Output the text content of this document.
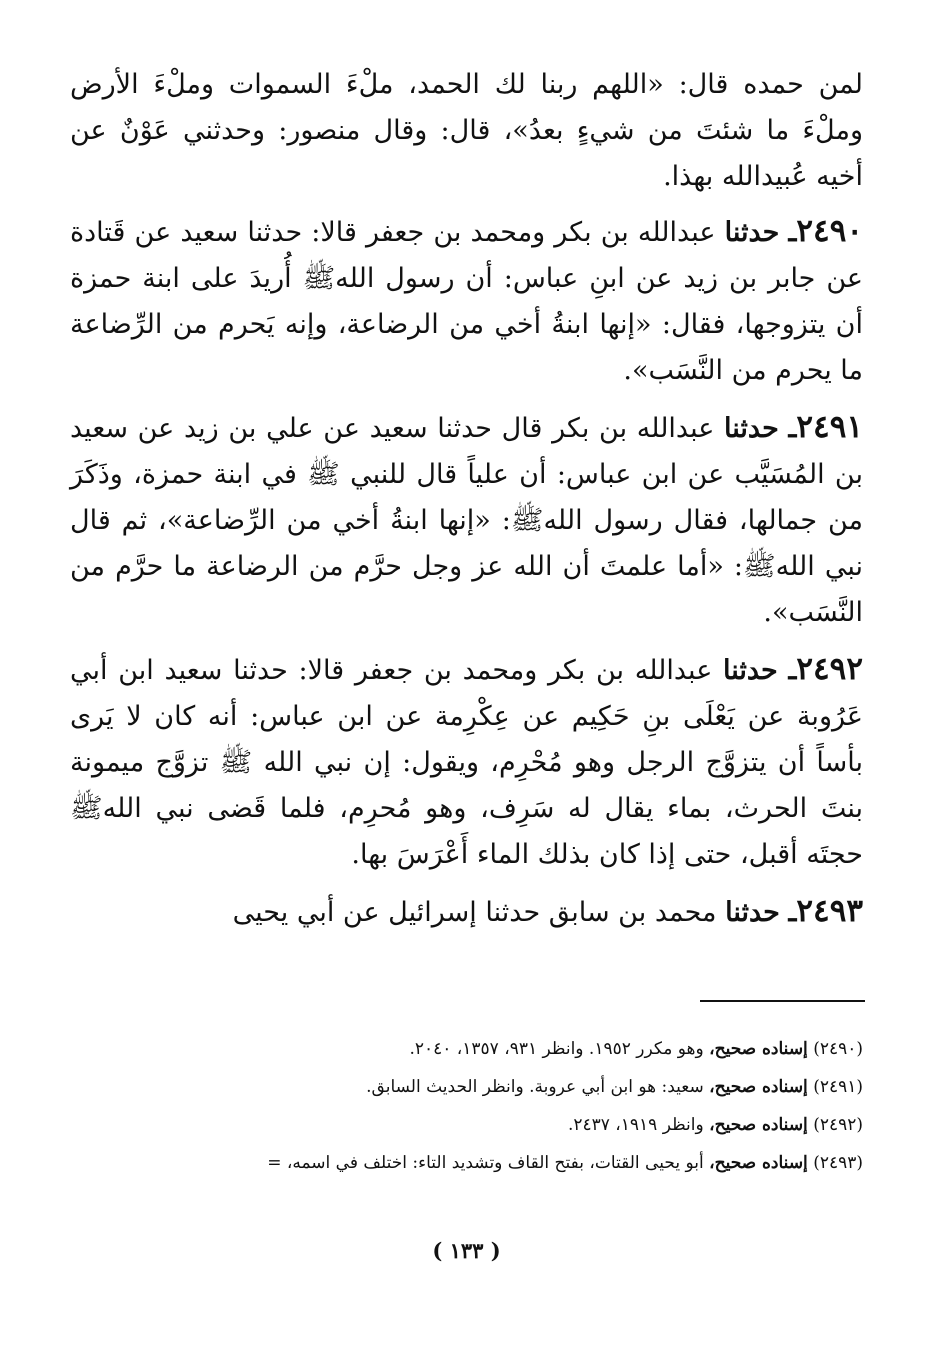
لمن حمده قال: «اللهم ربنا لك الحمد، ملْءَ السموات وملْءَ الأرض وملْءَ ما شئتَ من شيءٍ بعدُ»، قال: وقال منصور: وحدثني عَوْنٌ عن أخيه عُبيدالله بهذا.

٢٤٩٠ـ حدثنا عبدالله بن بكر ومحمد بن جعفر قالا: حدثنا سعيد عن قَتادة عن جابر بن زيد عن ابنِ عباس: أن رسول اللهﷺ أُريدَ على ابنة حمزة أن يتزوجها، فقال: «إنها ابنةُ أخي من الرضاعة، وإنه يَحرم من الرِّضاعة ما يحرم من النَّسَب».

٢٤٩١ـ حدثنا عبدالله بن بكر قال حدثنا سعيد عن علي بن زيد عن سعيد بن المُسَيَّب عن ابن عباس: أن علياً قال للنبي ﷺ في ابنة حمزة، وذَكَرَ من جمالها، فقال رسول اللهﷺ: «إنها ابنةُ أخي من الرِّضاعة»، ثم قال نبي اللهﷺ: «أما علمتَ أن الله عز وجل حرَّم من الرضاعة ما حرَّم من النَّسَب».

٢٤٩٢ـ حدثنا عبدالله بن بكر ومحمد بن جعفر قالا: حدثنا سعيد ابن أبي عَرُوبة عن يَعْلَى بنِ حَكِيم عن عِكْرِمة عن ابن عباس: أنه كان لا يَرى بأساً أن يتزوَّج الرجل وهو مُحْرِم، ويقول: إن نبي الله ﷺ تزوَّج ميمونة بنتَ الحرث، بماء يقال له سَرِف، وهو مُحرِم، فلما قَضى نبي اللهﷺ حجتَه أقبل، حتى إذا كان بذلك الماء أَعْرَسَ بها.

٢٤٩٣ـ حدثنا محمد بن سابق حدثنا إسرائيل عن أبي يحيى

(٢٤٩٠) إسناده صحيح، وهو مكرر ١٩٥٢. وانظر ٩٣١، ١٣٥٧، ٢٠٤٠.

(٢٤٩١) إسناده صحيح، سعيد: هو ابن أبي عروبة. وانظر الحديث السابق.

(٢٤٩٢) إسناده صحيح، وانظر ١٩١٩، ٢٤٣٧.

(٢٤٩٣) إسناده صحيح، أبو يحيى القتات، بفتح القاف وتشديد التاء: اختلف في اسمه، =

( ١٣٣ )
